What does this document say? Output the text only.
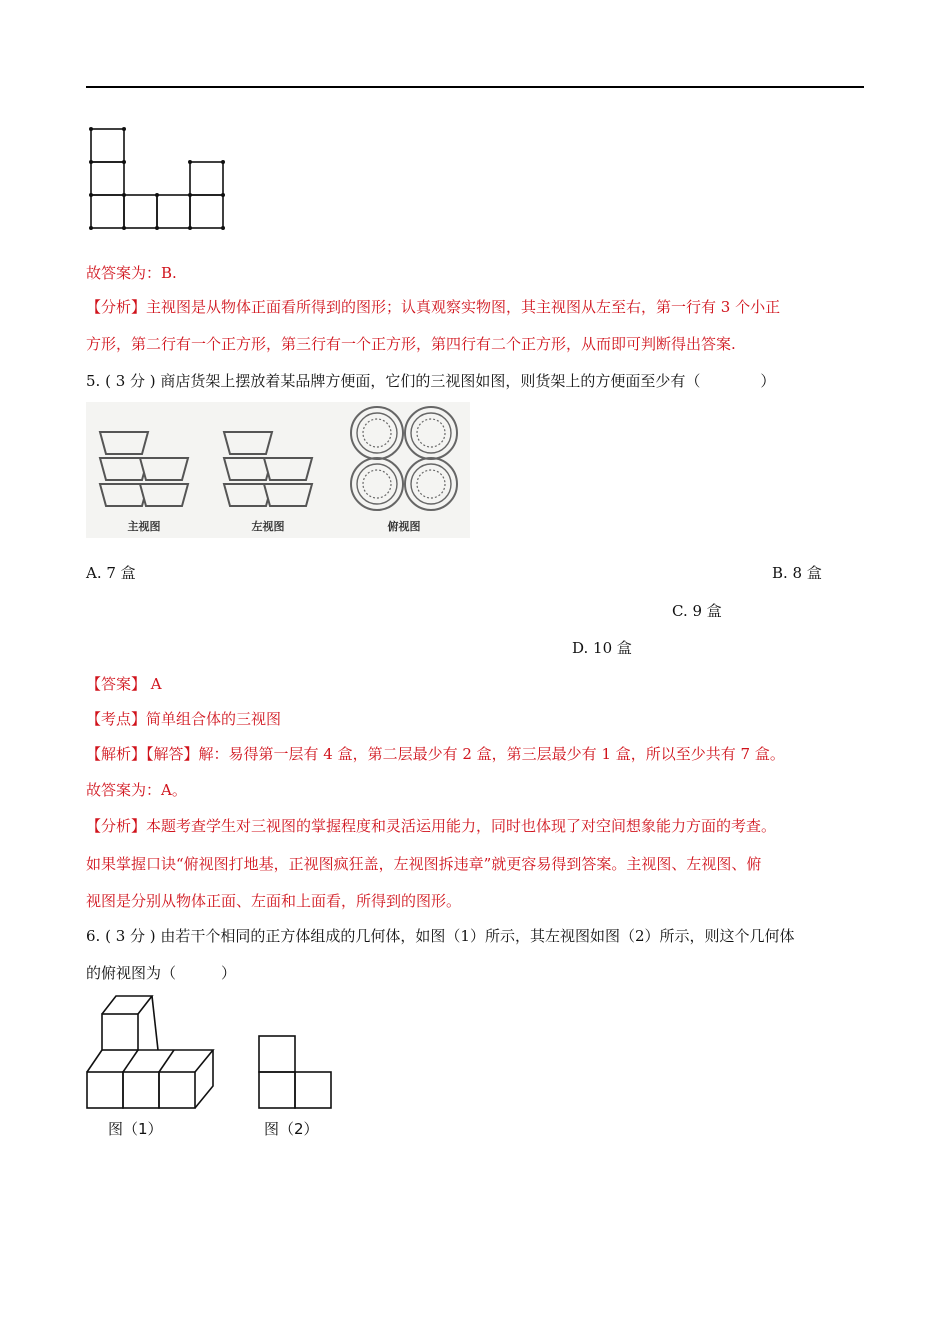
故答案为：B.
【分析】主视图是从物体正面看所得到的图形；认真观察实物图，其主视图从左至右，第一行有 3 个小正
方形，第二行有一个正方形，第三行有一个正方形，第四行有二个正方形，从而即可判断得出答案.
5. ( 3 分 ) 商店货架上摆放着某品牌方便面，它们的三视图如图，则货架上的方便面至少有（　　　　）
主视图	左视图	俯视图
A. 7 盒	B. 8 盒
C. 9 盒
D. 10 盒
【答案】 A
【考点】简单组合体的三视图
【解析】【解答】解：易得第一层有 4 盒，第二层最少有 2 盒，第三层最少有 1 盒，所以至少共有 7 盒。
故答案为：A。
【分析】本题考查学生对三视图的掌握程度和灵活运用能力，同时也体现了对空间想象能力方面的考查。
如果掌握口诀“俯视图打地基，正视图疯狂盖，左视图拆违章”就更容易得到答案。主视图、左视图、俯
视图是分别从物体正面、左面和上面看，所得到的图形。
6. ( 3 分 ) 由若干个相同的正方体组成的几何体，如图（1）所示，其左视图如图（2）所示，则这个几何体
的俯视图为（　　　）
图（1）	图（2）
